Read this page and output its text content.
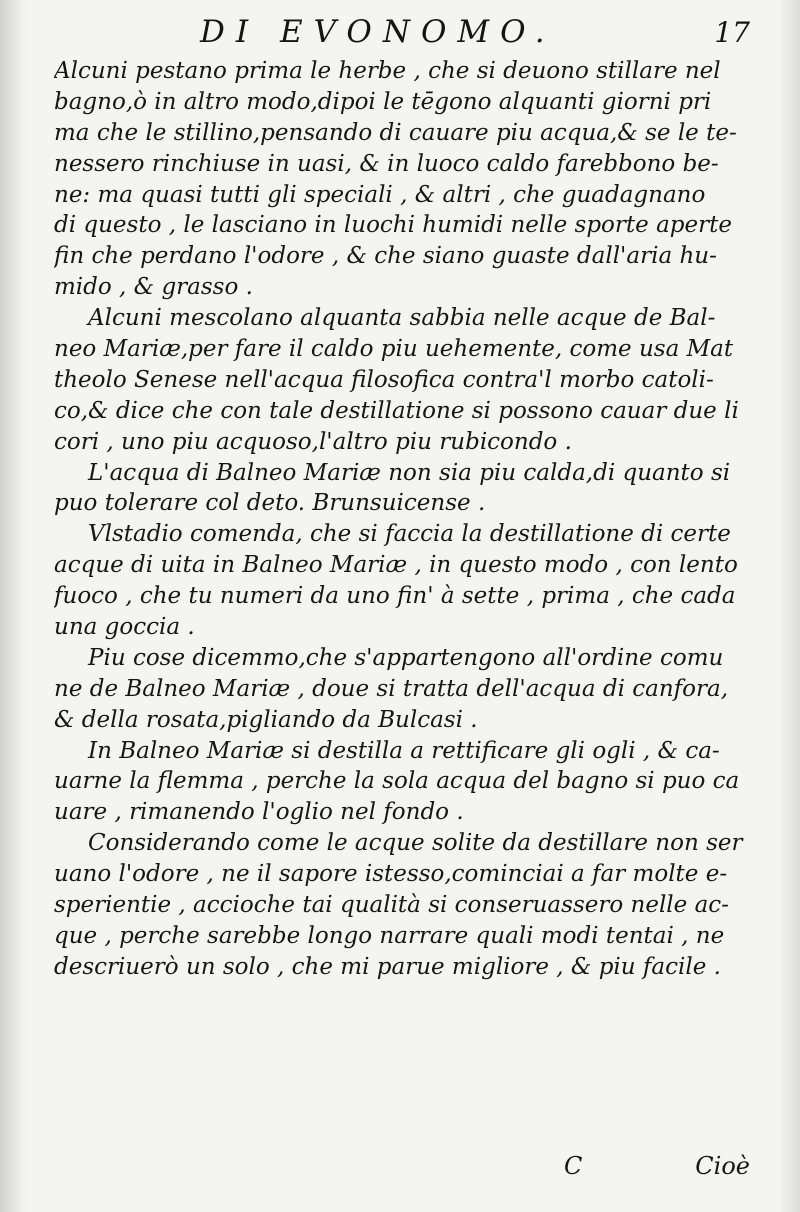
DI EVONOMO.	17
Alcuni pestano prima le herbe , che si deuono stillare nel
bagno,ò in altro modo,dipoi le tēgono alquanti giorni pri
ma che le stillino,pensando di cauare piu acqua,& se le te-
nessero rinchiuse in uasi, & in luoco caldo farebbono be-
ne: ma quasi tutti gli speciali , & altri , che guadagnano
di questo , le lasciano in luochi humidi nelle sporte aperte
fin che perdano l'odore , & che siano guaste dall'aria hu-
mido , & grasso .
Alcuni mescolano alquanta sabbia nelle acque de Bal-
neo Mariæ,per fare il caldo piu uehemente, come usa Mat
theolo Senese nell'acqua filosofica contra'l morbo catoli-
co,& dice che con tale destillatione si possono cauar due li
cori , uno piu acquoso,l'altro piu rubicondo .
L'acqua di Balneo Mariæ non sia piu calda,di quanto si
puo tolerare col deto. Brunsuicense .
Vlstadio comenda, che si faccia la destillatione di certe
acque di uita in Balneo Mariæ , in questo modo , con lento
fuoco , che tu numeri da uno fin' à sette , prima , che cada
una goccia .
Piu cose dicemmo,che s'appartengono all'ordine comu
ne de Balneo Mariæ , doue si tratta dell'acqua di canfora,
& della rosata,pigliando da Bulcasi .
In Balneo Mariæ si destilla a rettificare gli ogli , & ca-
uarne la flemma , perche la sola acqua del bagno si puo ca
uare , rimanendo l'oglio nel fondo .
Considerando come le acque solite da destillare non ser
uano l'odore , ne il sapore istesso,cominciai a far molte e-
sperientie , accioche tai qualità si conseruassero nelle ac-
que , perche sarebbe longo narrare quali modi tentai , ne
descriuerò un solo , che mi parue migliore , & piu facile .
C	Cioè
